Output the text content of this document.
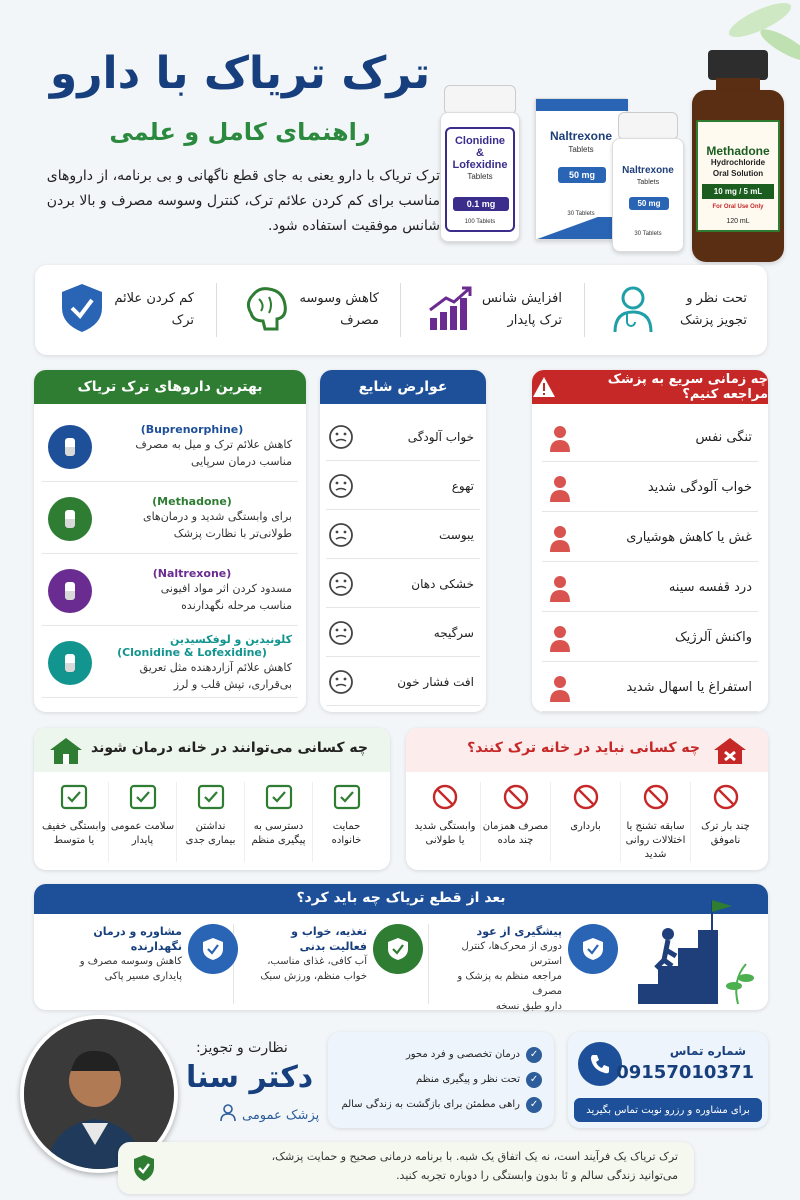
ترک تریاک با دارو
راهنمای کامل و علمی
ترک تریاک با دارو یعنی به جای قطع ناگهانی و بی برنامه، از داروهای مناسب برای کم کردن علائم ترک، کنترل وسوسه مصرف و بالا بردن شانس موفقیت استفاده شود.
Clonidine
&
Lofexidine
Tablets
0.1 mg
100 Tablets
Naltrexone
Tablets
50 mg
30 Tablets
Naltrexone
Tablets
50 mg
30 Tablets
Methadone
Hydrochloride
Oral Solution
10 mg / 5 mL
For Oral Use Only
120 mL
تحت نظر و تجویز پزشک
افزایش شانس ترک پایدار
کاهش وسوسه مصرف
کم کردن علائم ترک
چه زمانی سریع به پزشک مراجعه کنیم؟
تنگی نفس
خواب آلودگی شدید
غش یا کاهش هوشیاری
درد قفسه سینه
واکنش آلرژیک
استفراغ یا اسهال شدید
عوارض شایع
خواب آلودگی
تهوع
یبوست
خشکی دهان
سرگیجه
افت فشار خون
بهترین داروهای ترک تریاک
(Buprenorphine)
کاهش علائم ترک و میل به مصرف
مناسب درمان سرپایی
(Methadone)
برای وابستگی شدید و درمان‌های
طولانی‌تر با نظارت پزشک
(Naltrexone)
مسدود کردن اثر مواد افیونی
مناسب مرحله نگهدارنده
کلونیدین و لوفکسیدین
(Clonidine & Lofexidine)
کاهش علائم آزاردهنده مثل تعریق
بی‌قراری، تپش قلب و لرز
چه کسانی نباید در خانه ترک کنند؟
چند بار ترک
ناموفق
سابقه تشنج یا
اختلالات روانی شدید
بارداری
مصرف همزمان
چند ماده
وابستگی شدید
یا طولانی
چه کسانی می‌توانند در خانه درمان شوند
حمایت
خانواده
دسترسی به
پیگیری منظم
نداشتن
بیماری جدی
سلامت عمومی
پایدار
وابستگی خفیف
یا متوسط
بعد از قطع تریاک چه باید کرد؟
پیشگیری از عود
دوری از محرک‌ها، کنترل استرس
مراجعه منظم به پزشک و مصرف
دارو طبق نسخه
تغذیه، خواب و
فعالیت بدنی
آب کافی، غذای مناسب،
خواب منظم، ورزش سبک
مشاوره و درمان
نگهدارنده
کاهش وسوسه مصرف و
پایداری مسیر پاکی
نظارت و تجویز:
دکتر سنا
پزشک عمومی
✓
درمان تخصصی و فرد محور
✓
تحت نظر و پیگیری منظم
✓
راهی مطمئن برای بازگشت به زندگی سالم
شماره تماس
09157010371
برای مشاوره و رزرو نوبت تماس بگیرید
ترک تریاک یک فرآیند است، نه یک اتفاق یک شبه. با برنامه درمانی صحیح و حمایت پزشک،
می‌توانید زندگی سالم و ئا بدون وابستگی را دوباره تجربه کنید.
